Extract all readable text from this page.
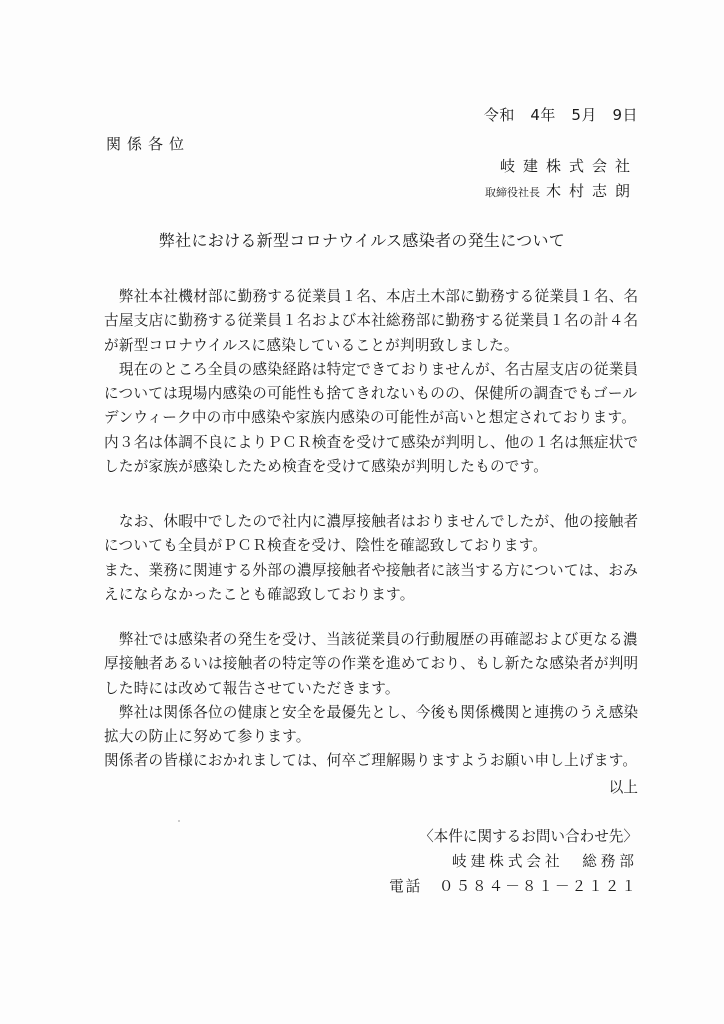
令和　4年　5月　9日
関係各位
岐建株式会社
取締役社長 木村志朗
弊社における新型コロナウイルス感染者の発生について

　弊社本社機材部に勤務する従業員１名、本店土木部に勤務する従業員１名、名

古屋支店に勤務する従業員１名および本社総務部に勤務する従業員１名の計４名

が新型コロナウイルスに感染していることが判明致しました。

　現在のところ全員の感染経路は特定できておりませんが、名古屋支店の従業員

については現場内感染の可能性も捨てきれないものの、保健所の調査でもゴール

デンウィーク中の市中感染や家族内感染の可能性が高いと想定されております。

内３名は体調不良によりＰＣＲ検査を受けて感染が判明し、他の１名は無症状で

したが家族が感染したため検査を受けて感染が判明したものです。

　なお、休暇中でしたので社内に濃厚接触者はおりませんでしたが、他の接触者

についても全員がＰＣＲ検査を受け、陰性を確認致しております。

また、業務に関連する外部の濃厚接触者や接触者に該当する方については、おみ

えにならなかったことも確認致しております。

　弊社では感染者の発生を受け、当該従業員の行動履歴の再確認および更なる濃

厚接触者あるいは接触者の特定等の作業を進めており、もし新たな感染者が判明

した時には改めて報告させていただきます。

　弊社は関係各位の健康と安全を最優先とし、今後も関係機関と連携のうえ感染

拡大の防止に努めて参ります。

関係者の皆様におかれましては、何卒ご理解賜りますようお願い申し上げます。

以上
〈本件に関するお問い合わせ先〉
岐建株式会社　総務部
電話　０５８４－８１－２１２１
